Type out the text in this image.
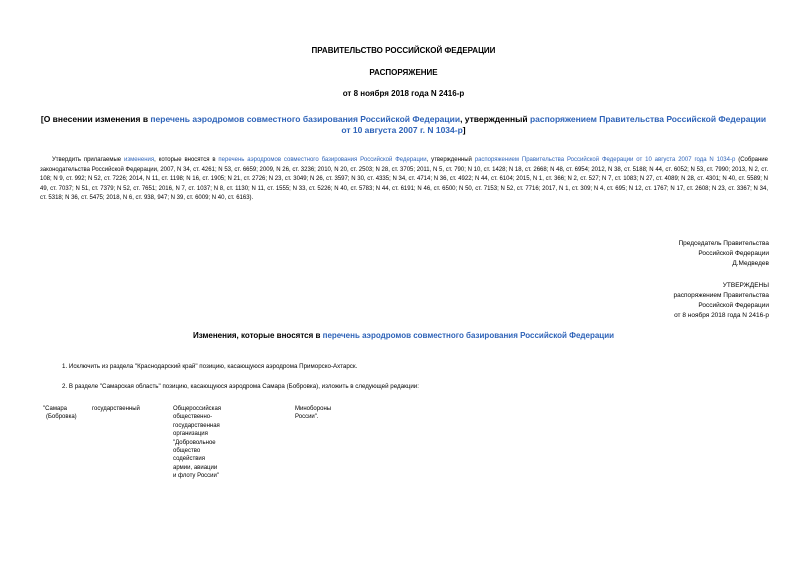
ПРАВИТЕЛЬСТВО РОССИЙСКОЙ ФЕДЕРАЦИИ
РАСПОРЯЖЕНИЕ
от 8 ноября 2018 года N 2416-р
[О внесении изменения в перечень аэродромов совместного базирования Российской Федерации, утвержденный распоряжением Правительства Российской Федерации от 10 августа 2007 г. N 1034-р]
Утвердить прилагаемые изменения, которые вносятся в перечень аэродромов совместного базирования Российской Федерации, утвержденный распоряжением Правительства Российской Федерации от 10 августа 2007 года N 1034-р (Собрание законодательства Российской Федерации, 2007, N 34, ст. 4261; N 53, ст. 6659; 2009, N 26, ст. 3236; 2010, N 20, ст. 2503; N 28, ст. 3705; 2011, N 5, ст. 790; N 10, ст. 1428; N 18, ст. 2668; N 48, ст. 6954; 2012, N 38, ст. 5188; N 44, ст. 6052; N 53, ст. 7990; 2013, N 2, ст. 108; N 9, ст. 992; N 52, ст. 7226; 2014, N 11, ст. 1198; N 16, ст. 1905; N 21, ст. 2726; N 23, ст. 3049; N 26, ст. 3597; N 30, ст. 4335; N 34, ст. 4714; N 36, ст. 4922; N 44, ст. 6104; 2015, N 1, ст. 366; N 2, ст. 527; N 7, ст. 1083; N 27, ст. 4089; N 28, ст. 4301; N 40, ст. 5589; N 49, ст. 7037; N 51, ст. 7379; N 52, ст. 7651; 2016, N 7, ст. 1037; N 8, ст. 1130; N 11, ст. 1555; N 33, ст. 5226; N 40, ст. 5783; N 44, ст. 6191; N 46, ст. 6500; N 50, ст. 7153; N 52, ст. 7716; 2017, N 1, ст. 309; N 4, ст. 695; N 12, ст. 1767; N 17, ст. 2608; N 23, ст. 3367; N 34, ст. 5318; N 36, ст. 5475; 2018, N 6, ст. 938, 947; N 39, ст. 6009; N 40, ст. 6163).
Председатель Правительства
Российской Федерации
Д.Медведев
УТВЕРЖДЕНЫ
распоряжением Правительства
Российской Федерации
от 8 ноября 2018 года N 2416-р
Изменения, которые вносятся в перечень аэродромов совместного базирования Российской Федерации
1. Исключить из раздела "Краснодарский край" позицию, касающуюся аэродрома Приморско-Ахтарск.
2. В разделе "Самарская область" позицию, касающуюся аэродрома Самара (Бобровка), изложить в следующей редакции:
"Самара
(Бобровка)
государственный	Общероссийская общественно-
государственная организация
"Добровольное общество содействия
армии, авиации и флоту России"
Минобороны
России".
